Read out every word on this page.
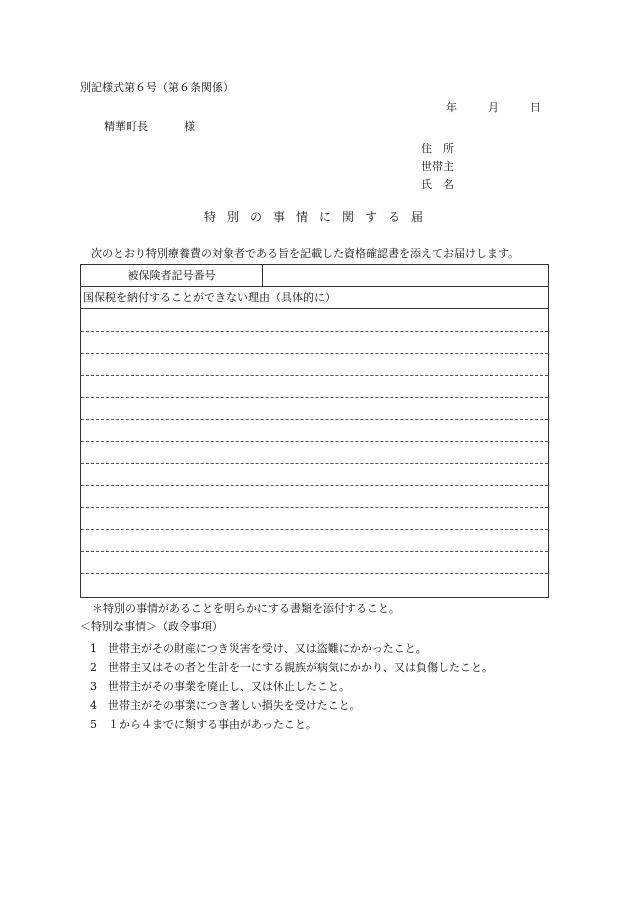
別記様式第６号（第６条関係）
年	月	日
精華町長	様
住　所
世帯主
氏　名
特別の事情に関する届
次のとおり特別療養費の対象者である旨を記載した資格確認書を添えてお届けします。
被保険者記号番号
国保税を納付することができない理由（具体的に）
＊特別の事情があることを明らかにする書類を添付すること。
＜特別な事情＞（政令事項）
1 世帯主がその財産につき災害を受け、又は盗難にかかったこと。
2 世帯主又はその者と生計を一にする親族が病気にかかり、又は負傷したこと。
3 世帯主がその事業を廃止し、又は休止したこと。
4 世帯主がその事業につき著しい損失を受けたこと。
5 １から４までに類する事由があったこと。
